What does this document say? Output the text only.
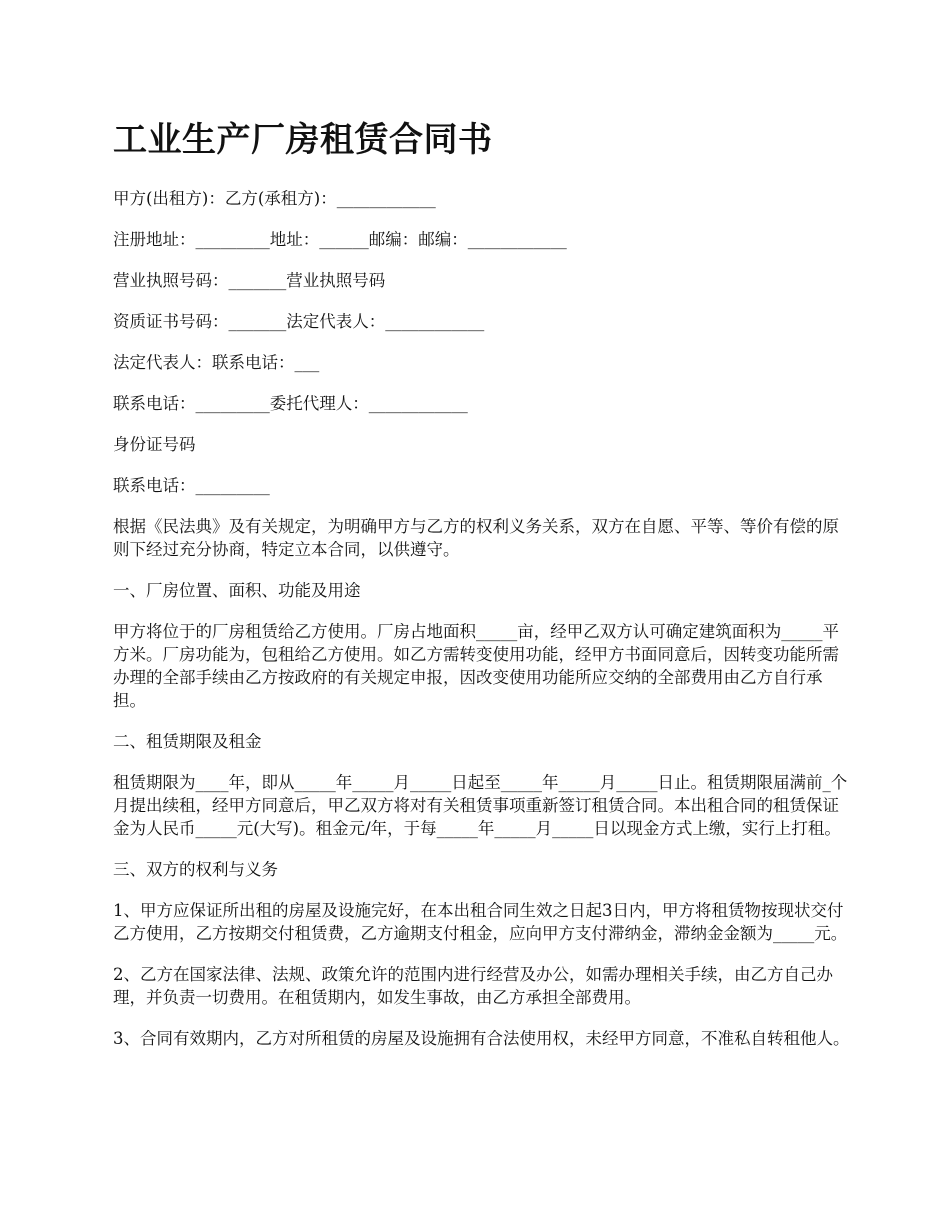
工业生产厂房租赁合同书

甲方(出租方)：乙方(承租方)：____________

注册地址：_________地址：______邮编：邮编：____________

营业执照号码：_______营业执照号码

资质证书号码：_______法定代表人：____________

法定代表人：联系电话：___

联系电话：_________委托代理人：____________

身份证号码

联系电话：_________

根据《民法典》及有关规定，为明确甲方与乙方的权利义务关系，双方在自愿、平等、等价有偿的原则下经过充分协商，特定立本合同，以供遵守。

一、厂房位置、面积、功能及用途

甲方将位于的厂房租赁给乙方使用。厂房占地面积_____亩，经甲乙双方认可确定建筑面积为_____平方米。厂房功能为，包租给乙方使用。如乙方需转变使用功能，经甲方书面同意后，因转变功能所需办理的全部手续由乙方按政府的有关规定申报，因改变使用功能所应交纳的全部费用由乙方自行承担。

二、租赁期限及租金

租赁期限为____年，即从_____年_____月_____日起至_____年_____月_____日止。租赁期限届满前_个月提出续租，经甲方同意后，甲乙双方将对有关租赁事项重新签订租赁合同。本出租合同的租赁保证金为人民币_____元(大写)。租金元/年，于每_____年_____月_____日以现金方式上缴，实行上打租。

三、双方的权利与义务

1、甲方应保证所出租的房屋及设施完好，在本出租合同生效之日起3日内，甲方将租赁物按现状交付乙方使用，乙方按期交付租赁费，乙方逾期支付租金，应向甲方支付滞纳金，滞纳金金额为_____元。

2、乙方在国家法律、法规、政策允许的范围内进行经营及办公，如需办理相关手续，由乙方自己办理，并负责一切费用。在租赁期内，如发生事故，由乙方承担全部费用。

3、合同有效期内，乙方对所租赁的房屋及设施拥有合法使用权，未经甲方同意，不准私自转租他人。
